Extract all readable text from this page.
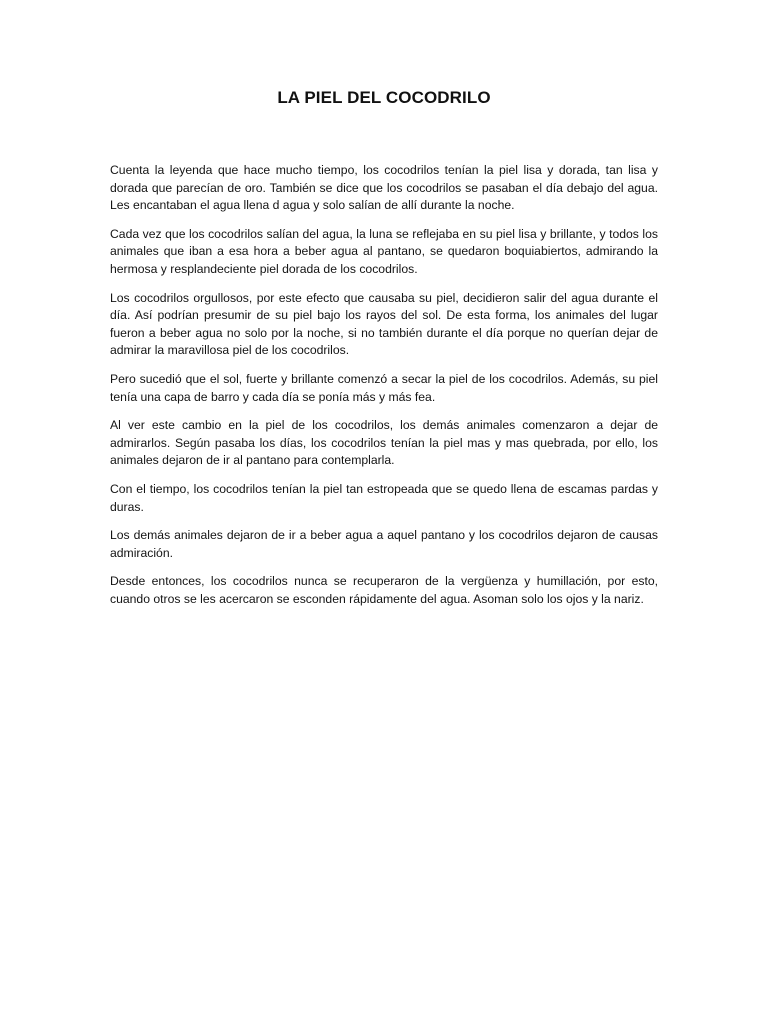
LA PIEL DEL COCODRILO

Cuenta la leyenda que hace mucho tiempo, los cocodrilos tenían la piel lisa y dorada, tan lisa y dorada que parecían de oro. También se dice que los cocodrilos se pasaban el día debajo del agua. Les encantaban el agua llena d agua y solo salían de allí durante la noche.

Cada vez que los cocodrilos salían del agua, la luna se reflejaba en su piel lisa y brillante, y todos los animales que iban a esa hora a beber agua al pantano, se quedaron boquiabiertos, admirando la hermosa y resplandeciente piel dorada de los cocodrilos.

Los cocodrilos orgullosos, por este efecto que causaba su piel, decidieron salir del agua durante el día. Así podrían presumir de su piel bajo los rayos del sol. De esta forma, los animales del lugar fueron a beber agua no solo por la noche, si no también durante el día porque no querían dejar de admirar la maravillosa piel de los cocodrilos.

Pero sucedió que el sol, fuerte y brillante comenzó a secar la piel de los cocodrilos. Además, su piel tenía una capa de barro y cada día se ponía más y más fea.

Al ver este cambio en la piel de los cocodrilos, los demás animales comenzaron a dejar de admirarlos. Según pasaba los días, los cocodrilos tenían la piel mas y mas quebrada, por ello, los animales dejaron de ir al pantano para contemplarla.

Con el tiempo, los cocodrilos tenían la piel tan estropeada que se quedo llena de escamas pardas y duras.

Los demás animales dejaron de ir a beber agua a aquel pantano y los cocodrilos dejaron de causas admiración.

Desde entonces, los cocodrilos nunca se recuperaron de la vergüenza y humillación, por esto, cuando otros se les acercaron se esconden rápidamente del agua. Asoman solo los ojos y la nariz.
